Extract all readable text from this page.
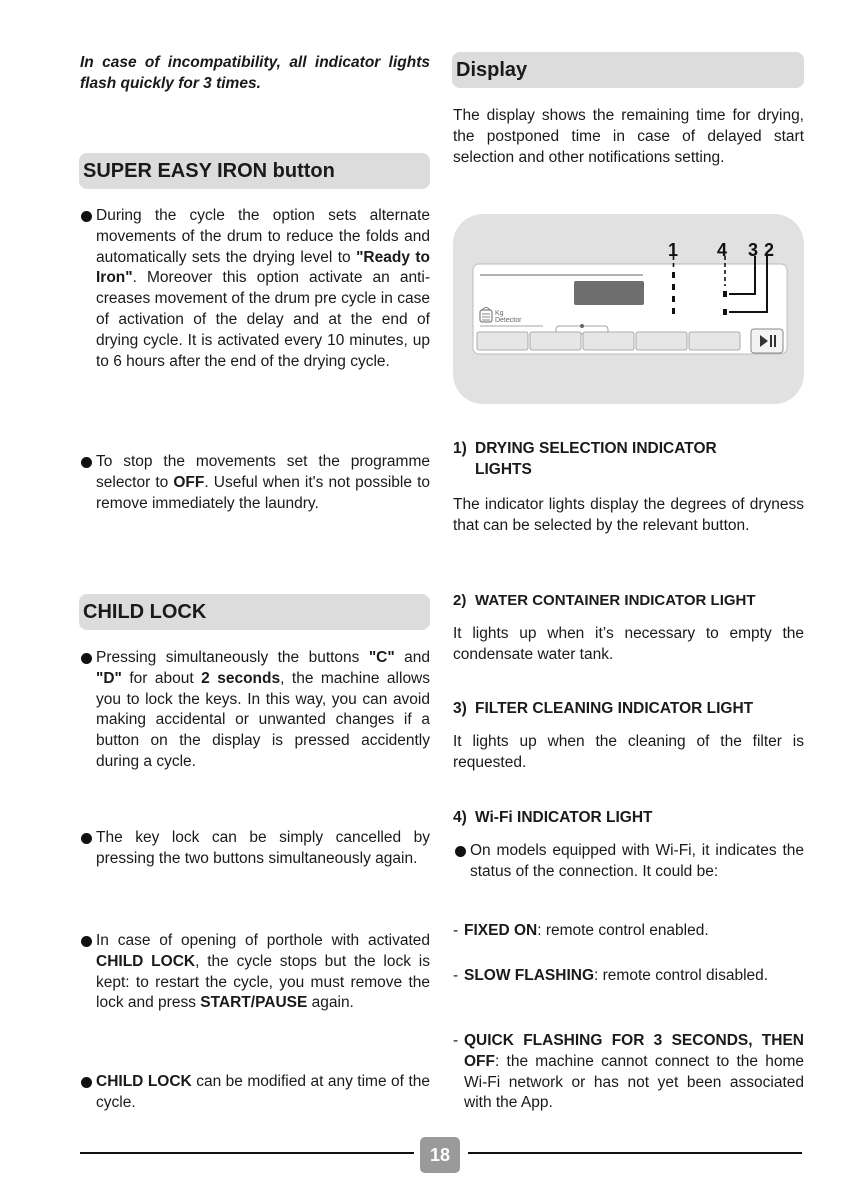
In case of incompatibility, all indicator lights flash quickly for 3 times.
SUPER EASY IRON button

During the cycle the option sets alternate movements of the drum to reduce the folds and automatically sets the drying level to "Ready to Iron". Moreover this option activate an anti-creases movement of the drum pre cycle in case of activation of the delay and at the end of drying cycle. It is activated every 10 minutes, up to 6 hours after the end of the drying cycle.

To stop the movements set the programme selector to OFF. Useful when it's not possible to remove immediately the laundry.

CHILD LOCK

Pressing simultaneously the buttons "C" and "D" for about 2 seconds, the machine allows you to lock the keys. In this way, you can avoid making accidental or unwanted changes if a button on the display is pressed accidently during a cycle.

The key lock can be simply cancelled by pressing the two buttons simultaneously again.

In case of opening of porthole with activated CHILD LOCK, the cycle stops but the lock is kept: to restart the cycle, you must remove the lock and press START/PAUSE again.

CHILD LOCK can be modified at any time of the cycle.

Display

The display shows the remaining time for drying, the postponed time in case of delayed start selection and other notifications setting.

Kg
Detector
1 4 3 2
1) DRYING SELECTION INDICATOR LIGHTS

The indicator lights display the degrees of dryness that can be selected by the relevant button.

2) WATER CONTAINER INDICATOR LIGHT

It lights up when it’s necessary to empty the condensate water tank.

3) FILTER CLEANING INDICATOR LIGHT

It lights up when the cleaning of the filter is requested.

4) Wi-Fi INDICATOR LIGHT

On models equipped with Wi-Fi, it indicates the status of the connection. It could be:

- FIXED ON: remote control enabled.
- SLOW FLASHING: remote control disabled.
- QUICK FLASHING FOR 3 SECONDS, THEN OFF: the machine cannot connect to the home Wi-Fi network or has not yet been associated with the App.
18
